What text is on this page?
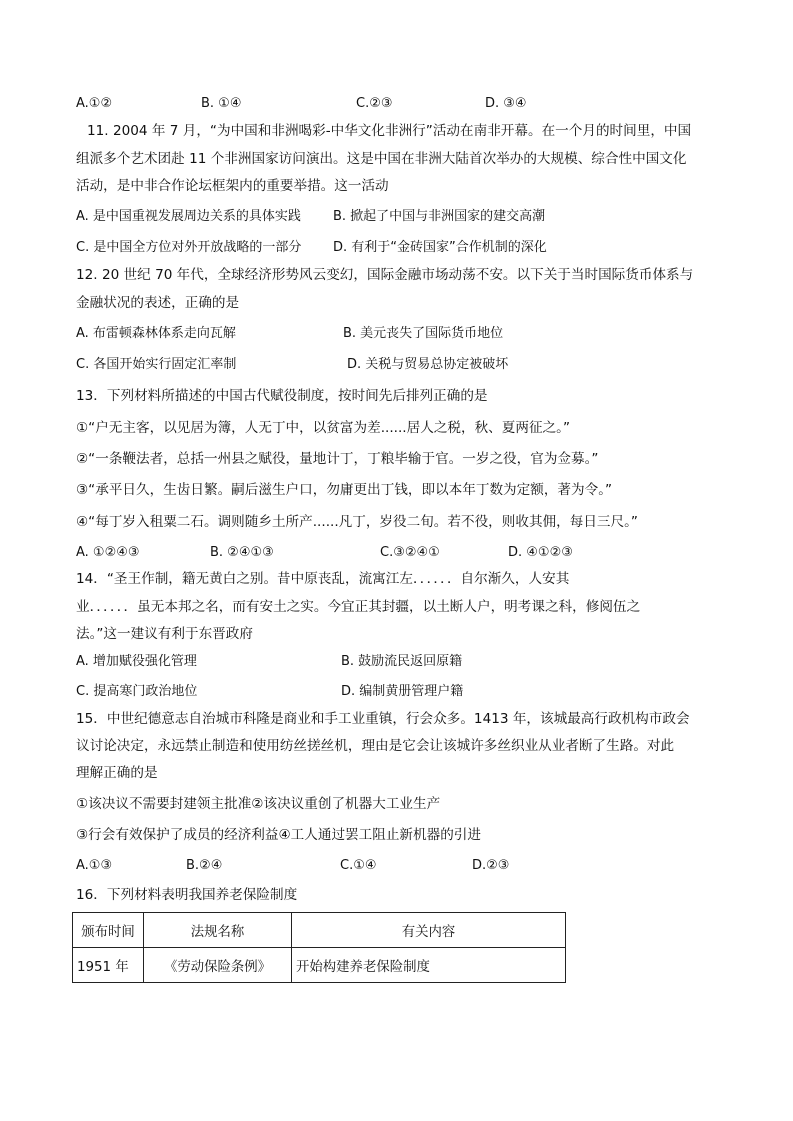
A.①②	B. ①④	C.②③	D. ③④
11. 2004 年 7 月，“为中国和非洲喝彩-中华文化非洲行”活动在南非开幕。在一个月的时间里，中国
组派多个艺术团赴 11 个非洲国家访问演出。这是中国在非洲大陆首次举办的大规模、综合性中国文化
活动，是中非合作论坛框架内的重要举措。这一活动
A. 是中国重视发展周边关系的具体实践 B. 掀起了中国与非洲国家的建交高潮
C. 是中国全方位对外开放战略的一部分 D. 有利于“金砖国家”合作机制的深化
12. 20 世纪 70 年代，全球经济形势风云变幻，国际金融市场动荡不安。以下关于当时国际货币体系与
金融状况的表述，正确的是
A. 布雷顿森林体系走向瓦解	B. 美元丧失了国际货币地位
C. 各国开始实行固定汇率制	D. 关税与贸易总协定被破坏
13．下列材料所描述的中国古代赋役制度，按时间先后排列正确的是
①“户无主客，以见居为簿，人无丁中，以贫富为差......居人之税，秋、夏两征之。”
②“一条鞭法者，总括一州县之赋役，量地计丁，丁粮毕输于官。一岁之役，官为佥募。”
③“承平日久，生齿日繁。嗣后滋生户口，勿庸更出丁钱，即以本年丁数为定额，著为令。”
④“每丁岁入租粟二石。调则随乡土所产......凡丁，岁役二旬。若不役，则收其佣，每日三尺。”
A. ①②④③	B. ②④①③	C.③②④①	D. ④①②③
14．“圣王作制，籍无黄白之别。昔中原丧乱，流寓江左．．．．．．自尔渐久，人安其
业．．．．．．虽无本邦之名，而有安土之实。今宜正其封疆，以土断人户，明考课之科，修阅伍之
法。”这一建议有利于东晋政府
A. 增加赋役强化管理	B. 鼓励流民返回原籍
C. 提高寒门政治地位	D. 编制黄册管理户籍
15．中世纪德意志自治城市科隆是商业和手工业重镇，行会众多。1413 年，该城最高行政机构市政会
议讨论决定，永远禁止制造和使用纺丝搓丝机，理由是它会让该城许多丝织业从业者断了生路。对此
理解正确的是
①该决议不需要封建领主批准②该决议重创了机器大工业生产
③行会有效保护了成员的经济利益④工人通过罢工阻止新机器的引进
A.①③	B.②④	C.①④	D.②③
16．下列材料表明我国养老保险制度
颁布时间	法规名称	有关内容
1951 年	《劳动保险条例》	开始构建养老保险制度
